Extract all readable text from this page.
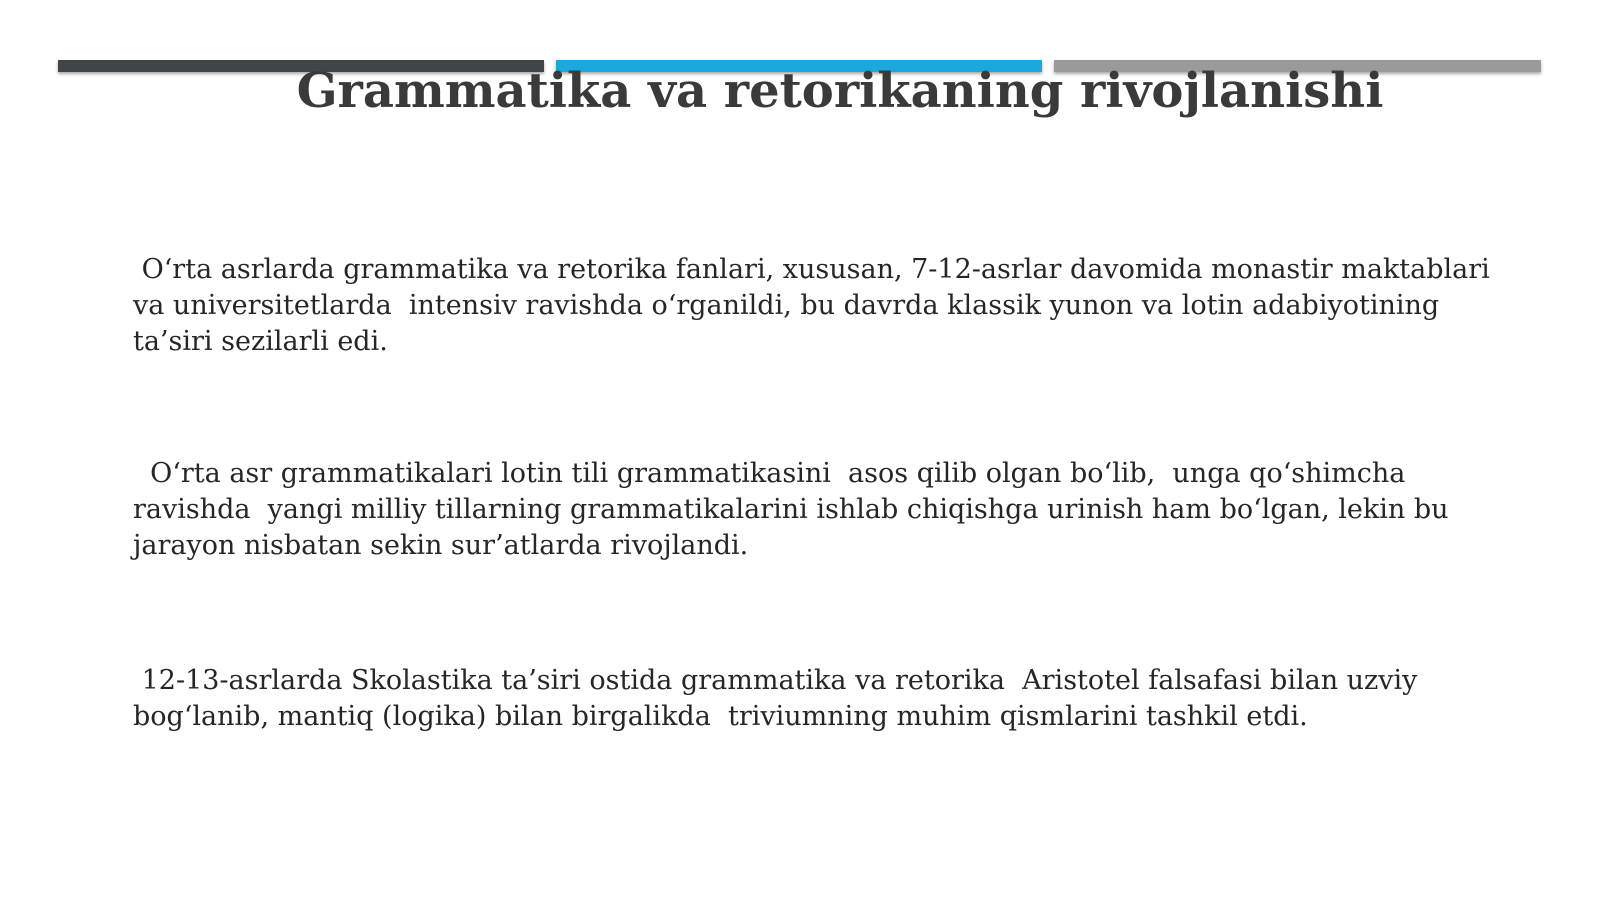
Grammatika va retorikaning rivojlanishi

O‘rta asrlarda grammatika va retorika fanlari, xususan, 7-12-asrlar davomida monastir maktablari va universitetlarda  intensiv ravishda o‘rganildi, bu davrda klassik yunon va lotin adabiyotining ta’siri sezilarli edi.

O‘rta asr grammatikalari lotin tili grammatikasini  asos qilib olgan bo‘lib,  unga qo‘shimcha ravishda  yangi milliy tillarning grammatikalarini ishlab chiqishga urinish ham bo‘lgan, lekin bu jarayon nisbatan sekin sur’atlarda rivojlandi.

12-13-asrlarda Skolastika ta’siri ostida grammatika va retorika  Aristotel falsafasi bilan uzviy bog‘lanib, mantiq (logika) bilan birgalikda  triviumning muhim qismlarini tashkil etdi.
